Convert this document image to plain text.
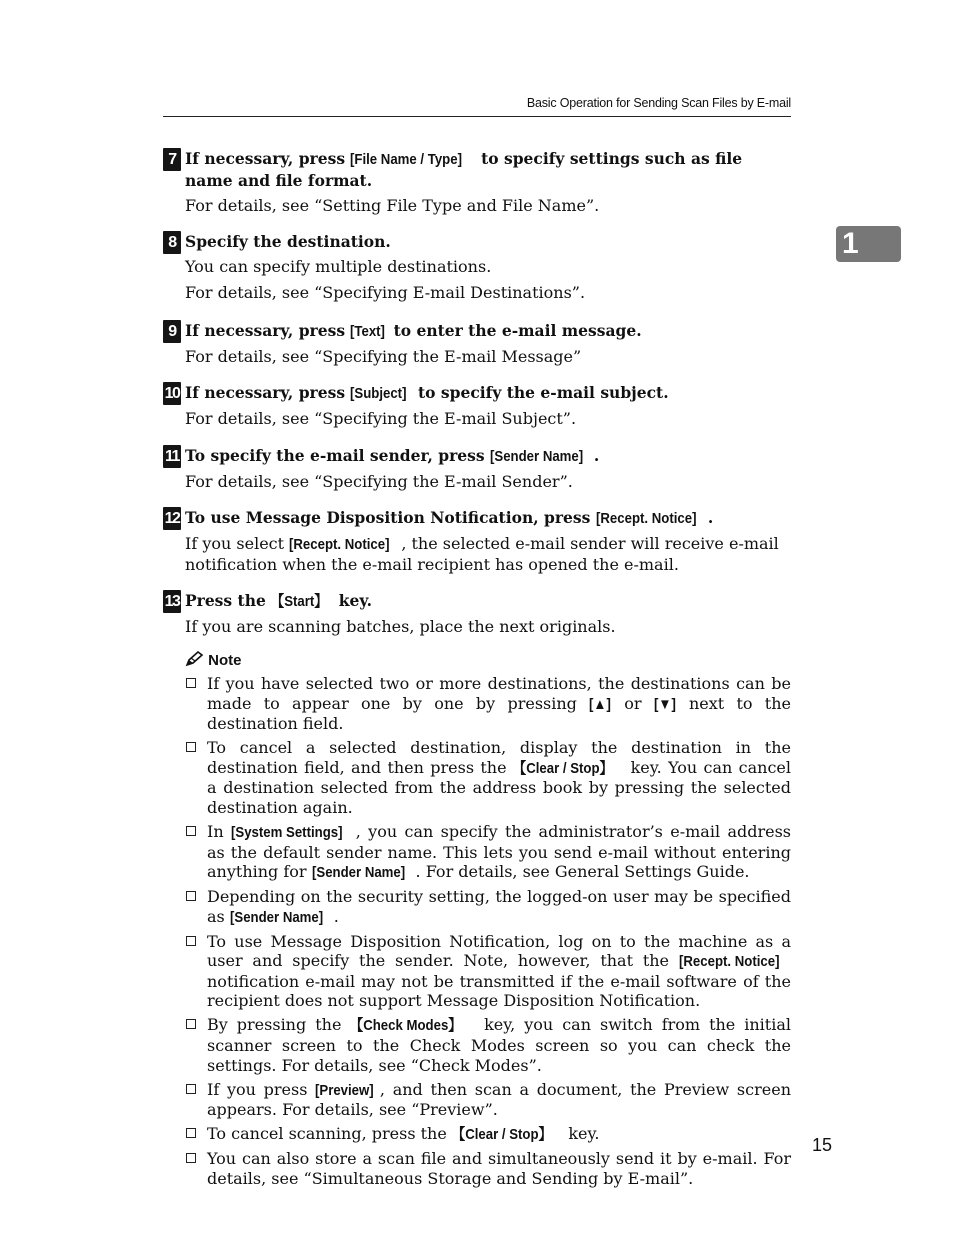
Basic Operation for Sending Scan Files by E-mail
1
7 If necessary, press [File Name / Type] to specify settings such as file name and file format.

For details, see “Setting File Type and File Name”.

8 Specify the destination.

You can specify multiple destinations.

For details, see “Specifying E-mail Destinations”.

9 If necessary, press [Text] to enter the e-mail message.

For details, see “Specifying the E-mail Message”

10 If necessary, press [Subject] to specify the e-mail subject.

For details, see “Specifying the E-mail Subject”.

11 To specify the e-mail sender, press [Sender Name] .

For details, see “Specifying the E-mail Sender”.

12 To use Message Disposition Notification, press [Recept. Notice] .

If you select [Recept. Notice] , the selected e-mail sender will receive e-mail notification when the e-mail recipient has opened the e-mail.

13 Press the 【Start】 key.

If you are scanning batches, place the next originals.

Note
If you have selected two or more destinations, the destinations can be made to appear one by one by pressing [▲] or [▼] next to the destination field.
To cancel a selected destination, display the destination in the destination field, and then press the 【Clear / Stop】 key. You can cancel a destination selected from the address book by pressing the selected destination again.
In [System Settings] , you can specify the administrator’s e-mail address as the default sender name. This lets you send e-mail without entering anything for [Sender Name] . For details, see General Settings Guide.
Depending on the security setting, the logged-on user may be specified as [Sender Name] .
To use Message Disposition Notification, log on to the machine as a user and specify the sender. Note, however, that the [Recept. Notice] notification e-mail may not be transmitted if the e-mail software of the recipient does not support Message Disposition Notification.
By pressing the 【Check Modes】 key, you can switch from the initial scanner screen to the Check Modes screen so you can check the settings. For details, see “Check Modes”.
If you press [Preview] , and then scan a document, the Preview screen appears. For details, see “Preview”.
To cancel scanning, press the 【Clear / Stop】 key.
You can also store a scan file and simultaneously send it by e-mail. For details, see “Simultaneous Storage and Sending by E-mail”.
15
